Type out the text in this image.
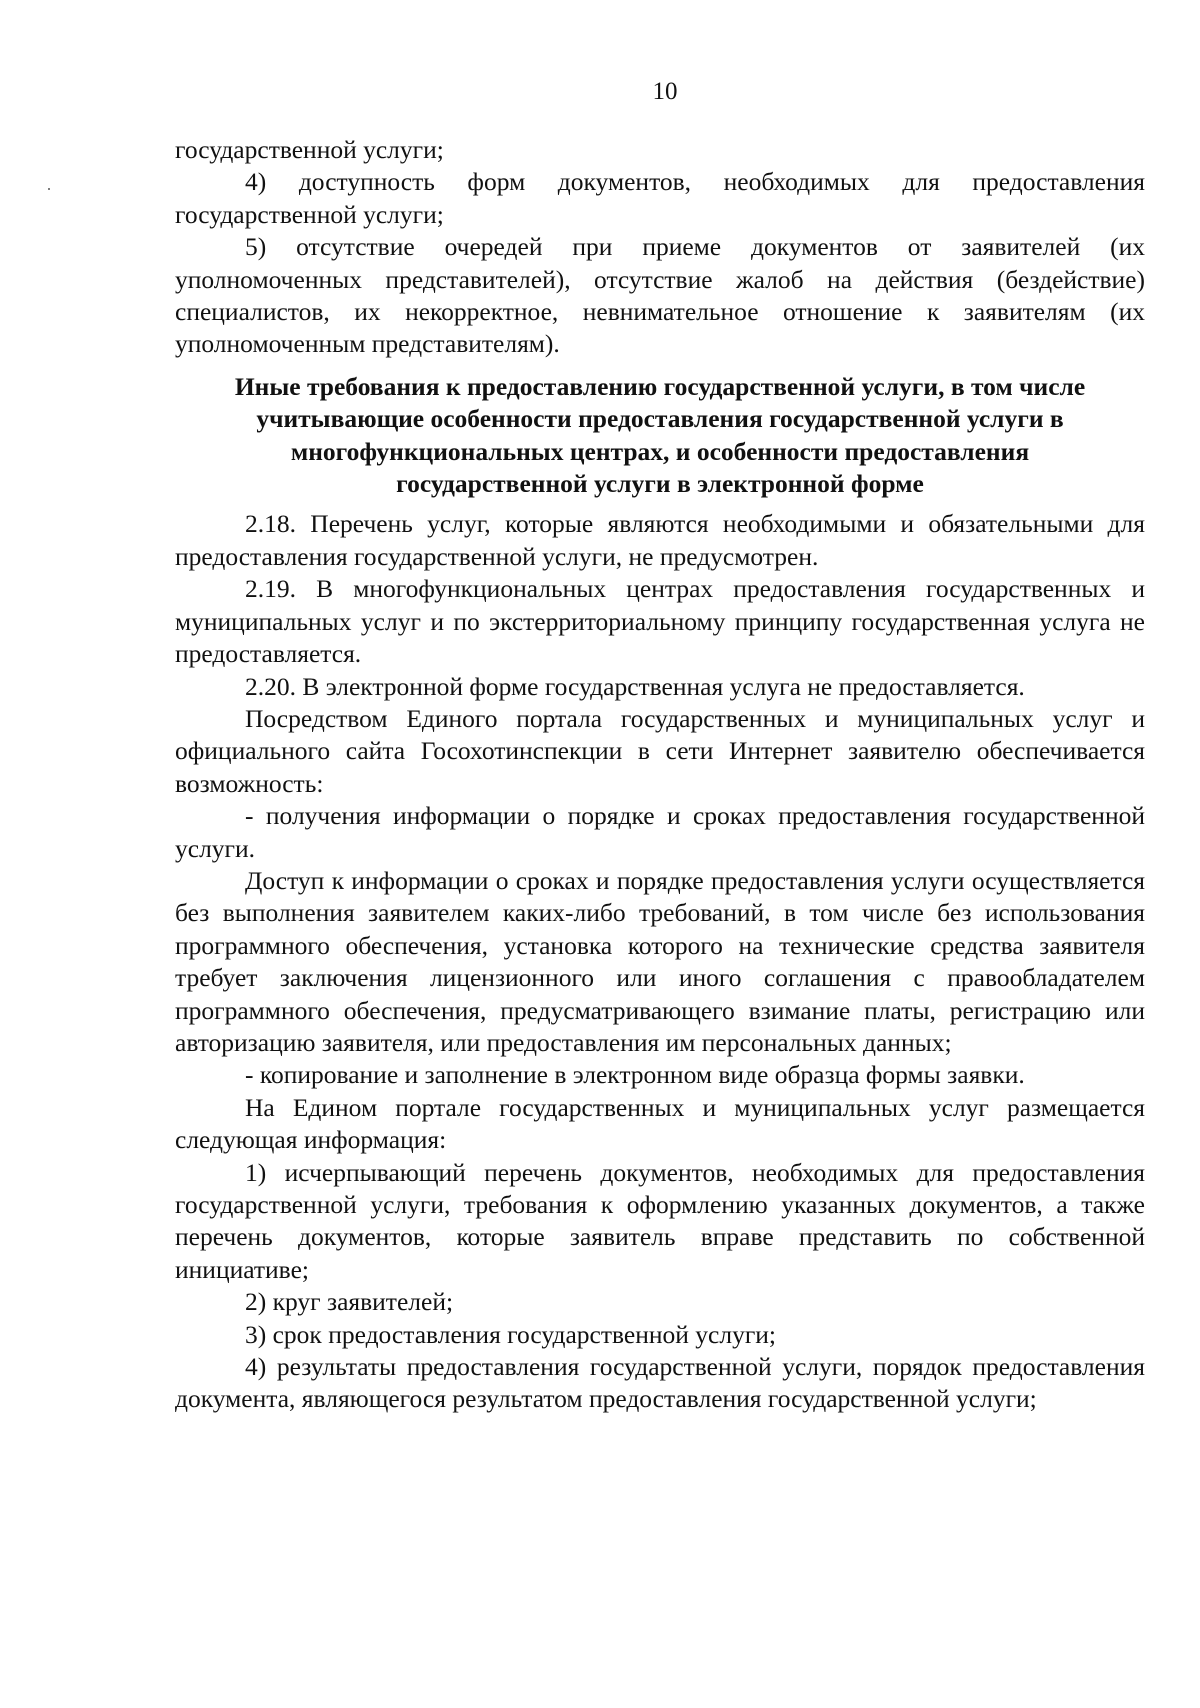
10

государственной услуги;

4) доступность форм документов, необходимых для предоставления государственной услуги;

5) отсутствие очередей при приеме документов от заявителей (их уполномоченных представителей), отсутствие жалоб на действия (бездействие) специалистов, их некорректное, невнимательное отношение к заявителям (их уполномоченным представителям).

Иные требования к предоставлению государственной услуги, в том числе
учитывающие особенности предоставления государственной услуги в
многофункциональных центрах, и особенности предоставления
государственной услуги в электронной форме

2.18. Перечень услуг, которые являются необходимыми и обязательными для предоставления государственной услуги, не предусмотрен.

2.19. В многофункциональных центрах предоставления государственных и муниципальных услуг и по экстерриториальному принципу государственная услуга не предоставляется.

2.20. В электронной форме государственная услуга не предоставляется.

Посредством Единого портала государственных и муниципальных услуг и официального сайта Госохотинспекции в сети Интернет заявителю обеспечивается возможность:

- получения информации о порядке и сроках предоставления государственной услуги.

Доступ к информации о сроках и порядке предоставления услуги осуществляется без выполнения заявителем каких-либо требований, в том числе без использования программного обеспечения, установка которого на технические средства заявителя требует заключения лицензионного или иного соглашения с правообладателем программного обеспечения, предусматривающего взимание платы, регистрацию или авторизацию заявителя, или предоставления им персональных данных;

- копирование и заполнение в электронном виде образца формы заявки.

На Едином портале государственных и муниципальных услуг размещается следующая информация:

1) исчерпывающий перечень документов, необходимых для предоставления государственной услуги, требования к оформлению указанных документов, а также перечень документов, которые заявитель вправе представить по собственной инициативе;

2) круг заявителей;

3) срок предоставления государственной услуги;

4) результаты предоставления государственной услуги, порядок предоставления документа, являющегося результатом предоставления государственной услуги;
